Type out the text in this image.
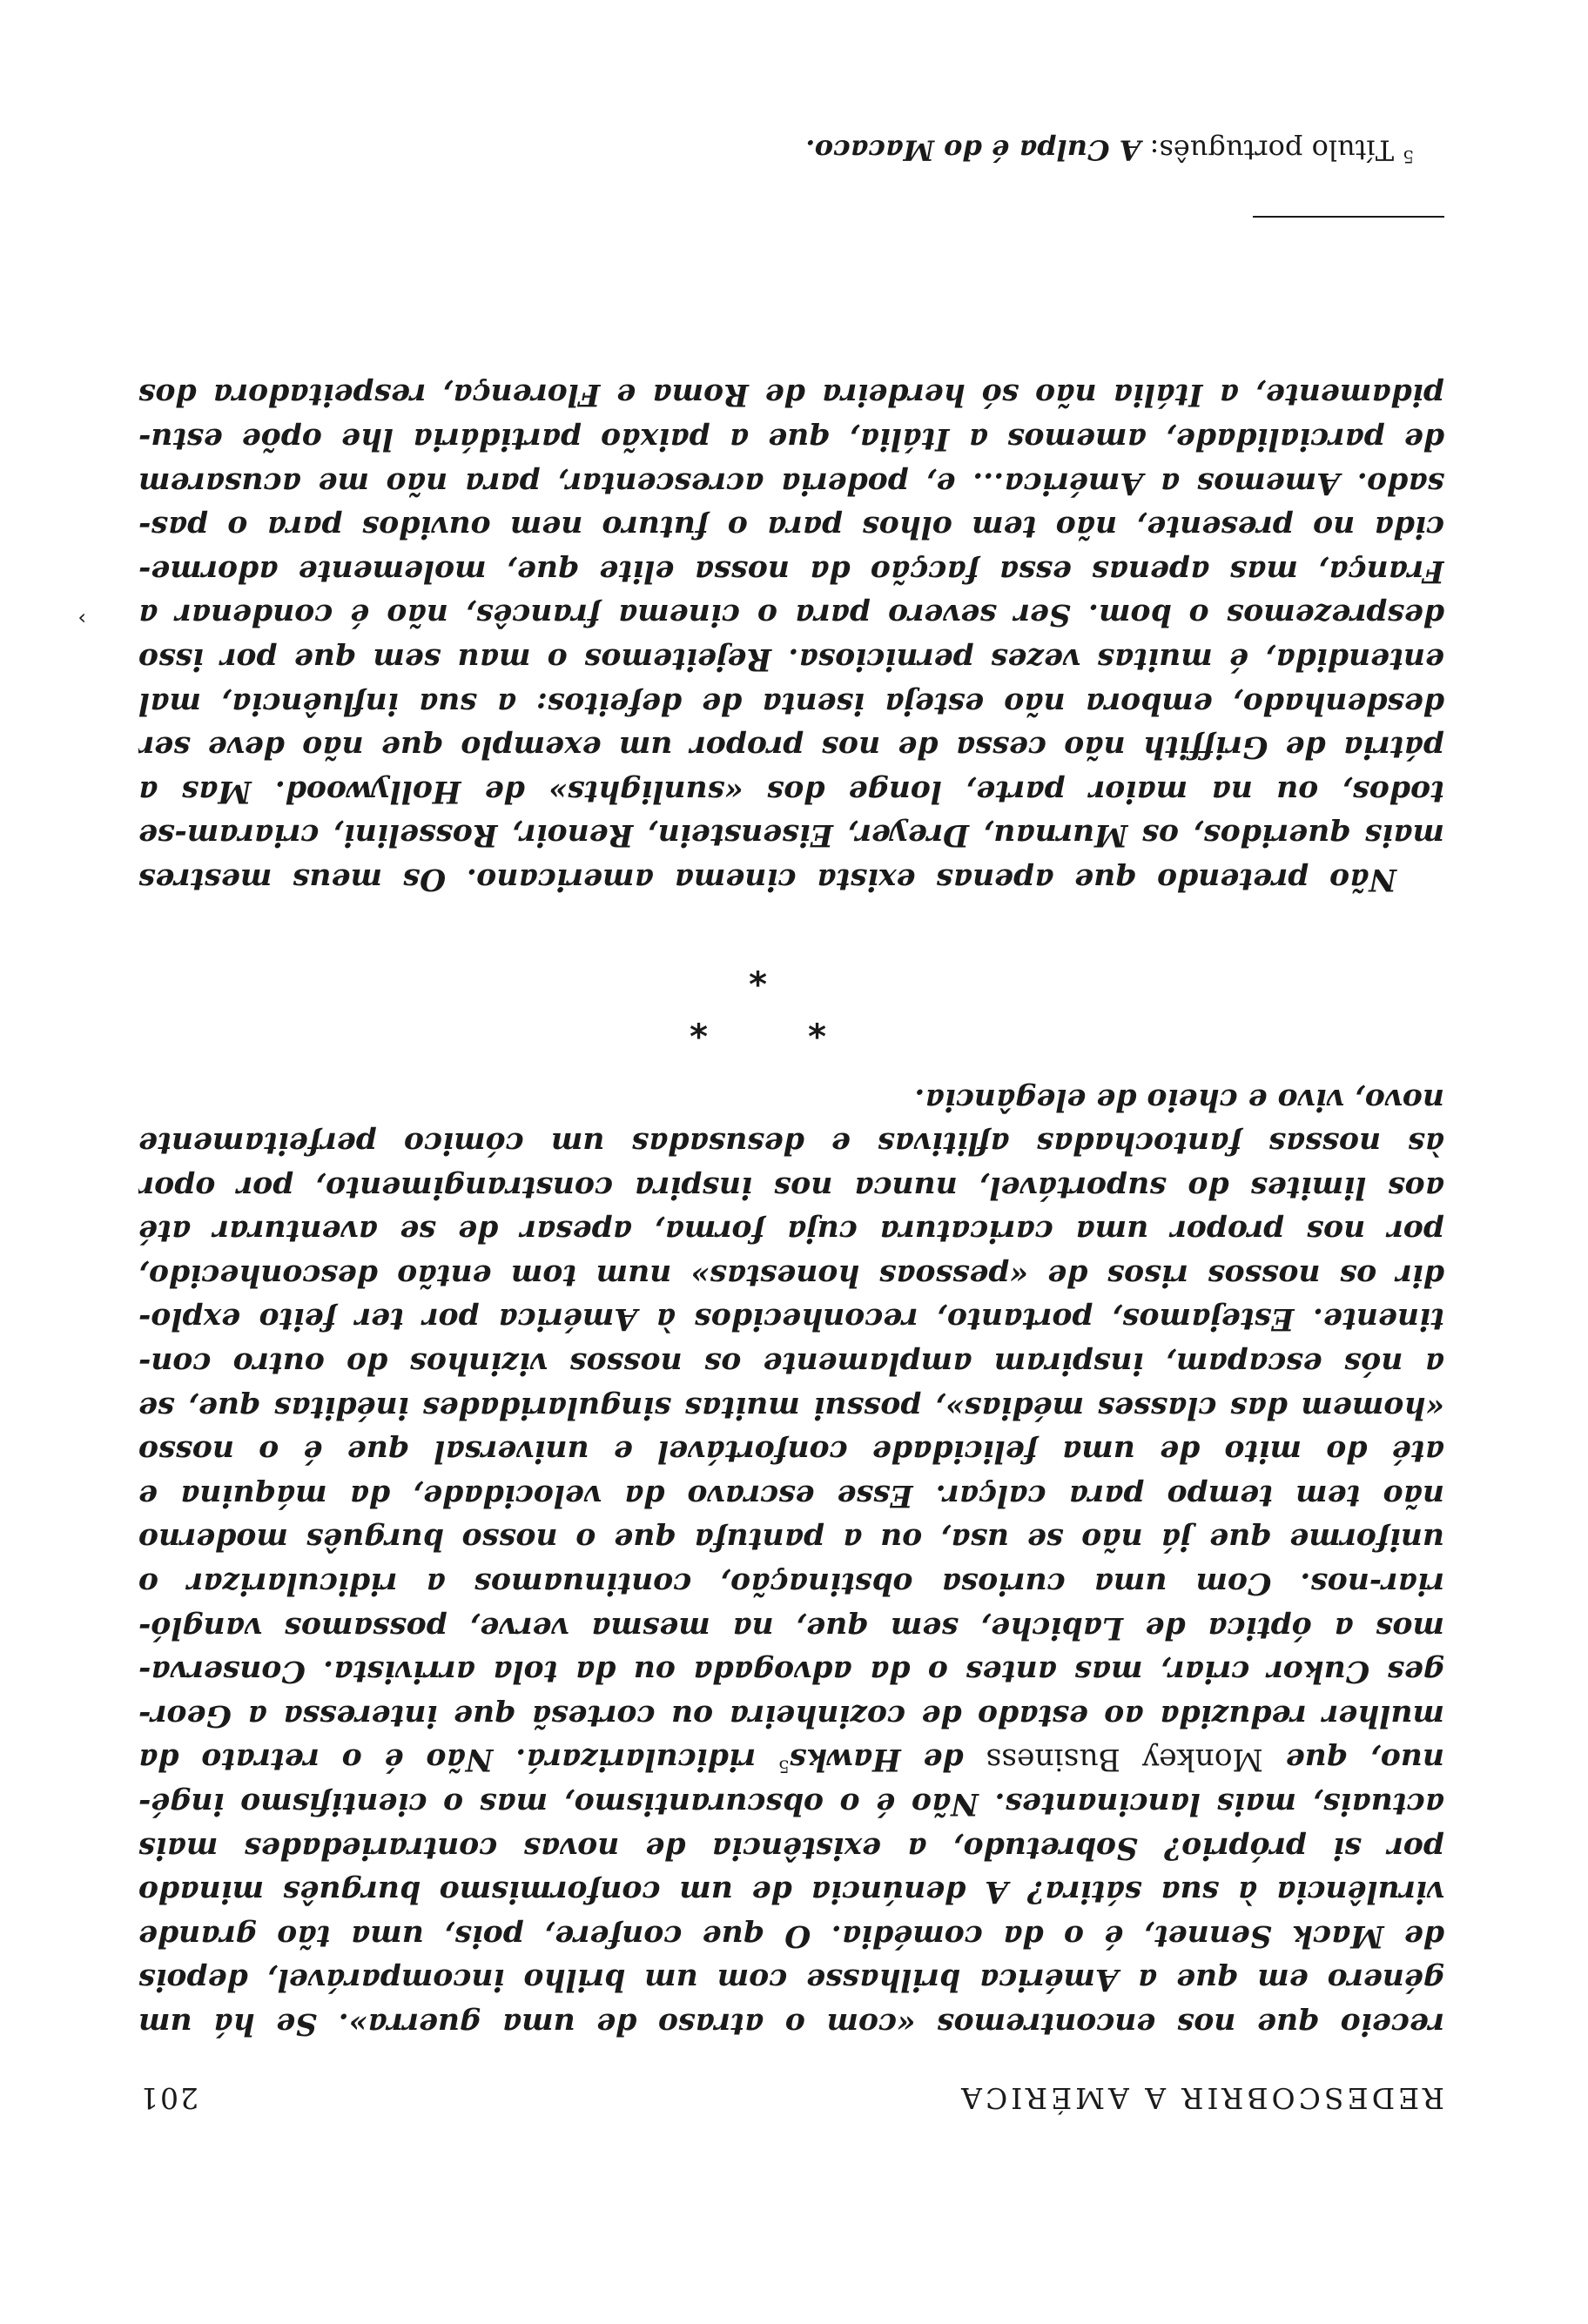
REDESCOBRIR A AMÉRICA
201
receio que nos encontremos «com o atraso de uma guerra». Se há um
género em que a América brilhasse com um brilho incomparável, depois
de Mack Sennet, é o da comédia. O que confere, pois, uma tão grande
virulência à sua sátira? A denúncia de um conformismo burguês minado
por si próprio? Sobretudo, a existência de novas contrariedades mais
actuais, mais lancinantes. Não é o obscurantismo, mas o cientifismo ingé-
nuo, que Monkey Business de Hawks$^5$ ridicularizará. Não é o retrato da
mulher reduzida ao estado de cozinheira ou cortesã que interessa a Geor-
ges Cukor criar, mas antes o da advogada ou da tola arrivista. Conserva-
mos a óptica de Labiche, sem que, na mesma verve, possamos vangló-
riar-nos. Com uma curiosa obstinação, continuamos a ridicularizar o
uniforme que já não se usa, ou a pantufa que o nosso burguês moderno
não tem tempo para calçar. Esse escravo da velocidade, da máquina e
até do mito de uma felicidade confortável e universal que é o nosso
«homem das classes médias», possui muitas singularidades inéditas que, se
a nós escapam, inspiram amplamente os nossos vizinhos do outro con-
tinente. Estejamos, portanto, reconhecidos à América por ter feito explo-
dir os nossos risos de «pessoas honestas» num tom então desconhecido,
por nos propor uma caricatura cuja forma, apesar de se aventurar até
aos limites do suportável, nunca nos inspira constrangimento, por opor
às nossas fantochadas aflitivas e desusadas um cómico perfeitamente
novo, vivo e cheio de elegância.
*
*
*
Não pretendo que apenas exista cinema americano. Os meus mestres
mais queridos, os Murnau, Dreyer, Eisenstein, Renoir, Rosselini, criaram-se
todos, ou na maior parte, longe dos «sunlights» de Hollywood. Mas a
pátria de Griffith não cessa de nos propor um exemplo que não deve ser
desdenhado, embora não esteja isenta de defeitos: a sua influência, mal
entendida, é muitas vezes perniciosa. Rejeitemos o mau sem que por isso
desprezemos o bom. Ser severo para o cinema francês, não é condenar a
França, mas apenas essa facção da nossa elite que, molemente adorme-
cida no presente, não tem olhos para o futuro nem ouvidos para o pas-
sado. Amemos a América... e, poderia acrescentar, para não me acusarem
de parcialidade, amemos a Itália, que a paixão partidária lhe opõe estu-
pidamente, a Itália não só herdeira de Roma e Florença, respeitadora dos
›
$^5$ Título português: A Culpa é do Macaco.
